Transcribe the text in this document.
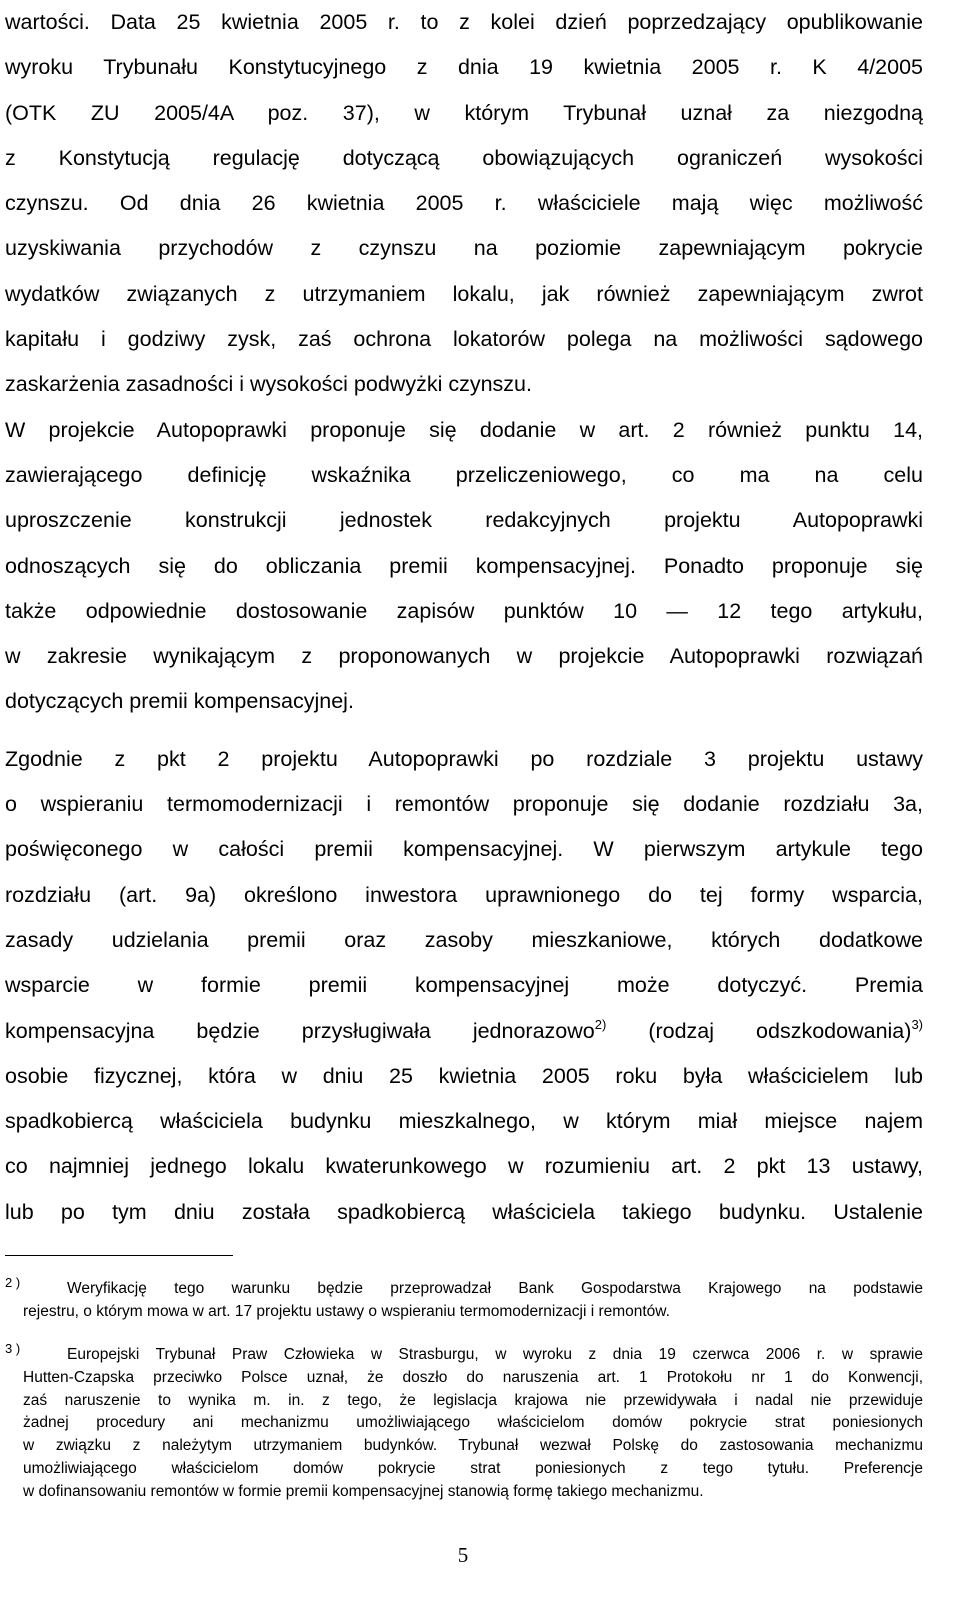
wartości. Data 25 kwietnia 2005 r. to z kolei dzień poprzedzający opublikowanie
wyroku Trybunału Konstytucyjnego z dnia 19 kwietnia 2005 r. K 4/2005
(OTK ZU 2005/4A poz. 37), w którym Trybunał uznał za niezgodną
z Konstytucją regulację dotyczącą obowiązujących ograniczeń wysokości
czynszu. Od dnia 26 kwietnia 2005 r. właściciele mają więc możliwość
uzyskiwania przychodów z czynszu na poziomie zapewniającym pokrycie
wydatków związanych z utrzymaniem lokalu, jak również zapewniającym zwrot
kapitału i godziwy zysk, zaś ochrona lokatorów polega na możliwości sądowego
zaskarżenia zasadności i wysokości podwyżki czynszu.

W projekcie Autopoprawki proponuje się dodanie w art. 2 również punktu 14,
zawierającego definicję wskaźnika przeliczeniowego, co ma na celu
uproszczenie konstrukcji jednostek redakcyjnych projektu Autopoprawki
odnoszących się do obliczania premii kompensacyjnej. Ponadto proponuje się
także odpowiednie dostosowanie zapisów punktów 10 — 12 tego artykułu,
w zakresie wynikającym z proponowanych w projekcie Autopoprawki rozwiązań
dotyczących premii kompensacyjnej.

Zgodnie z pkt 2 projektu Autopoprawki po rozdziale 3 projektu ustawy
o wspieraniu termomodernizacji i remontów proponuje się dodanie rozdziału 3a,
poświęconego w całości premii kompensacyjnej. W pierwszym artykule tego
rozdziału (art. 9a) określono inwestora uprawnionego do tej formy wsparcia,
zasady udzielania premii oraz zasoby mieszkaniowe, których dodatkowe
wsparcie w formie premii kompensacyjnej może dotyczyć. Premia
kompensacyjna będzie przysługiwała jednorazowo$^{2)}$ (rodzaj odszkodowania)$^{3)}$
osobie fizycznej, która w dniu 25 kwietnia 2005 roku była właścicielem lub
spadkobiercą właściciela budynku mieszkalnego, w którym miał miejsce najem
co najmniej jednego lokalu kwaterunkowego w rozumieniu art. 2 pkt 13 ustawy,
lub po tym dniu została spadkobiercą właściciela takiego budynku. Ustalenie

2 )	Weryfikację tego warunku będzie przeprowadzał Bank Gospodarstwa Krajowego na podstawie
rejestru, o którym mowa w art. 17 projektu ustawy o wspieraniu termomodernizacji i remontów.
3 )	Europejski Trybunał Praw Człowieka w Strasburgu, w wyroku z dnia 19 czerwca 2006 r. w sprawie
Hutten-Czapska przeciwko Polsce uznał, że doszło do naruszenia art. 1 Protokołu nr 1 do Konwencji,
zaś naruszenie to wynika m. in. z tego, że legislacja krajowa nie przewidywała i nadal nie przewiduje
żadnej procedury ani mechanizmu umożliwiającego właścicielom domów pokrycie strat poniesionych
w związku z należytym utrzymaniem budynków. Trybunał wezwał Polskę do zastosowania mechanizmu
umożliwiającego właścicielom domów pokrycie strat poniesionych z tego tytułu. Preferencje
w dofinansowaniu remontów w formie premii kompensacyjnej stanowią formę takiego mechanizmu.
5
